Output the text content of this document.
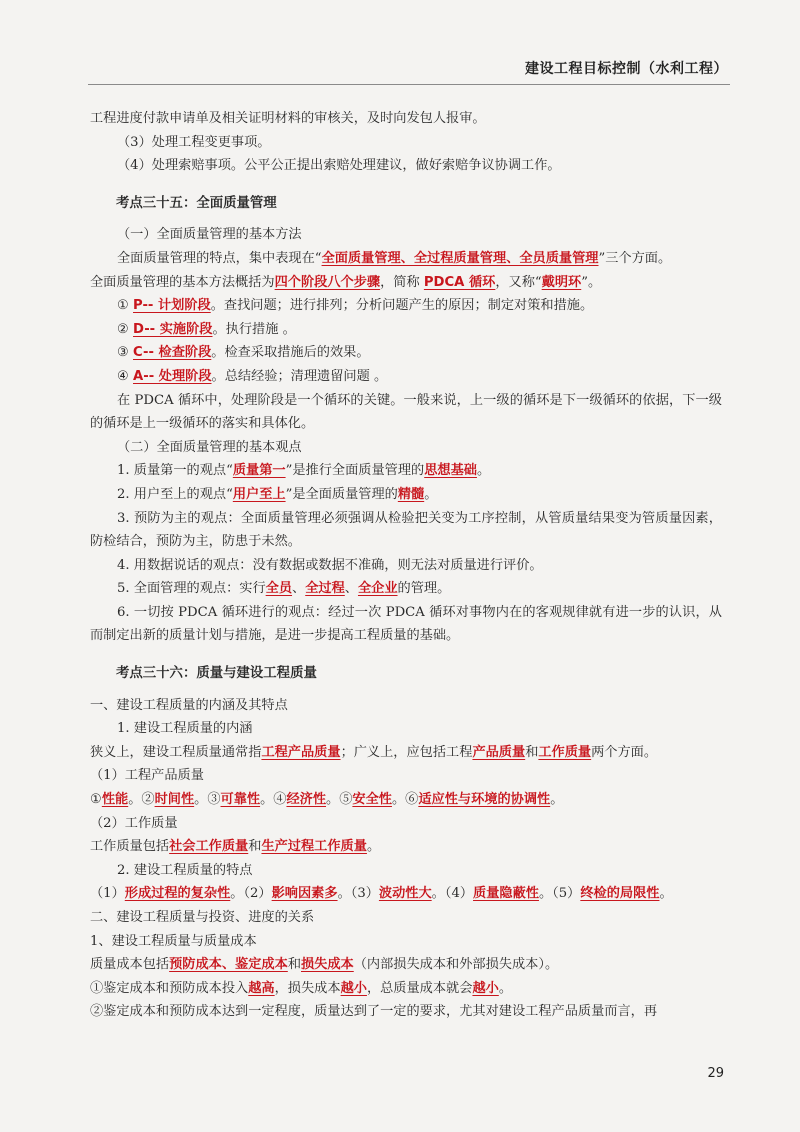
建设工程目标控制（水利工程）

工程进度付款申请单及相关证明材料的审核关，及时向发包人报审。

（3）处理工程变更事项。

（4）处理索赔事项。公平公正提出索赔处理建议，做好索赔争议协调工作。

考点三十五：全面质量管理

（一）全面质量管理的基本方法

全面质量管理的特点，集中表现在“全面质量管理、全过程质量管理、全员质量管理”三个方面。

全面质量管理的基本方法概括为四个阶段八个步骤，简称 PDCA 循环，又称“戴明环”。

① P-- 计划阶段。查找问题；进行排列；分析问题产生的原因；制定对策和措施。

② D-- 实施阶段。执行措施 。

③ C-- 检查阶段。检查采取措施后的效果。

④ A-- 处理阶段。总结经验；清理遗留问题 。

在 PDCA 循环中，处理阶段是一个循环的关键。一般来说，上一级的循环是下一级循环的依据，下一级的循环是上一级循环的落实和具体化。

（二）全面质量管理的基本观点

1. 质量第一的观点“质量第一”是推行全面质量管理的思想基础。

2. 用户至上的观点“用户至上”是全面质量管理的精髓。

3. 预防为主的观点：全面质量管理必须强调从检验把关变为工序控制，从管质量结果变为管质量因素，防检结合，预防为主，防患于未然。

4. 用数据说话的观点：没有数据或数据不准确，则无法对质量进行评价。

5. 全面管理的观点：实行全员、全过程、全企业的管理。

6. 一切按 PDCA 循环进行的观点：经过一次 PDCA 循环对事物内在的客观规律就有进一步的认识，从而制定出新的质量计划与措施，是进一步提高工程质量的基础。

考点三十六：质量与建设工程质量

一、建设工程质量的内涵及其特点

1. 建设工程质量的内涵

狭义上，建设工程质量通常指工程产品质量；广义上，应包括工程产品质量和工作质量两个方面。

（1）工程产品质量

①性能。②时间性。③可靠性。④经济性。⑤安全性。⑥适应性与环境的协调性。

（2）工作质量

工作质量包括社会工作质量和生产过程工作质量。

2. 建设工程质量的特点

（1）形成过程的复杂性。（2）影响因素多。（3）波动性大。（4）质量隐蔽性。（5）终检的局限性。

二、建设工程质量与投资、进度的关系

1、建设工程质量与质量成本

质量成本包括预防成本、鉴定成本和损失成本（内部损失成本和外部损失成本）。

①鉴定成本和预防成本投入越高，损失成本越小，总质量成本就会越小。

②鉴定成本和预防成本达到一定程度，质量达到了一定的要求，尤其对建设工程产品质量而言，再

29
